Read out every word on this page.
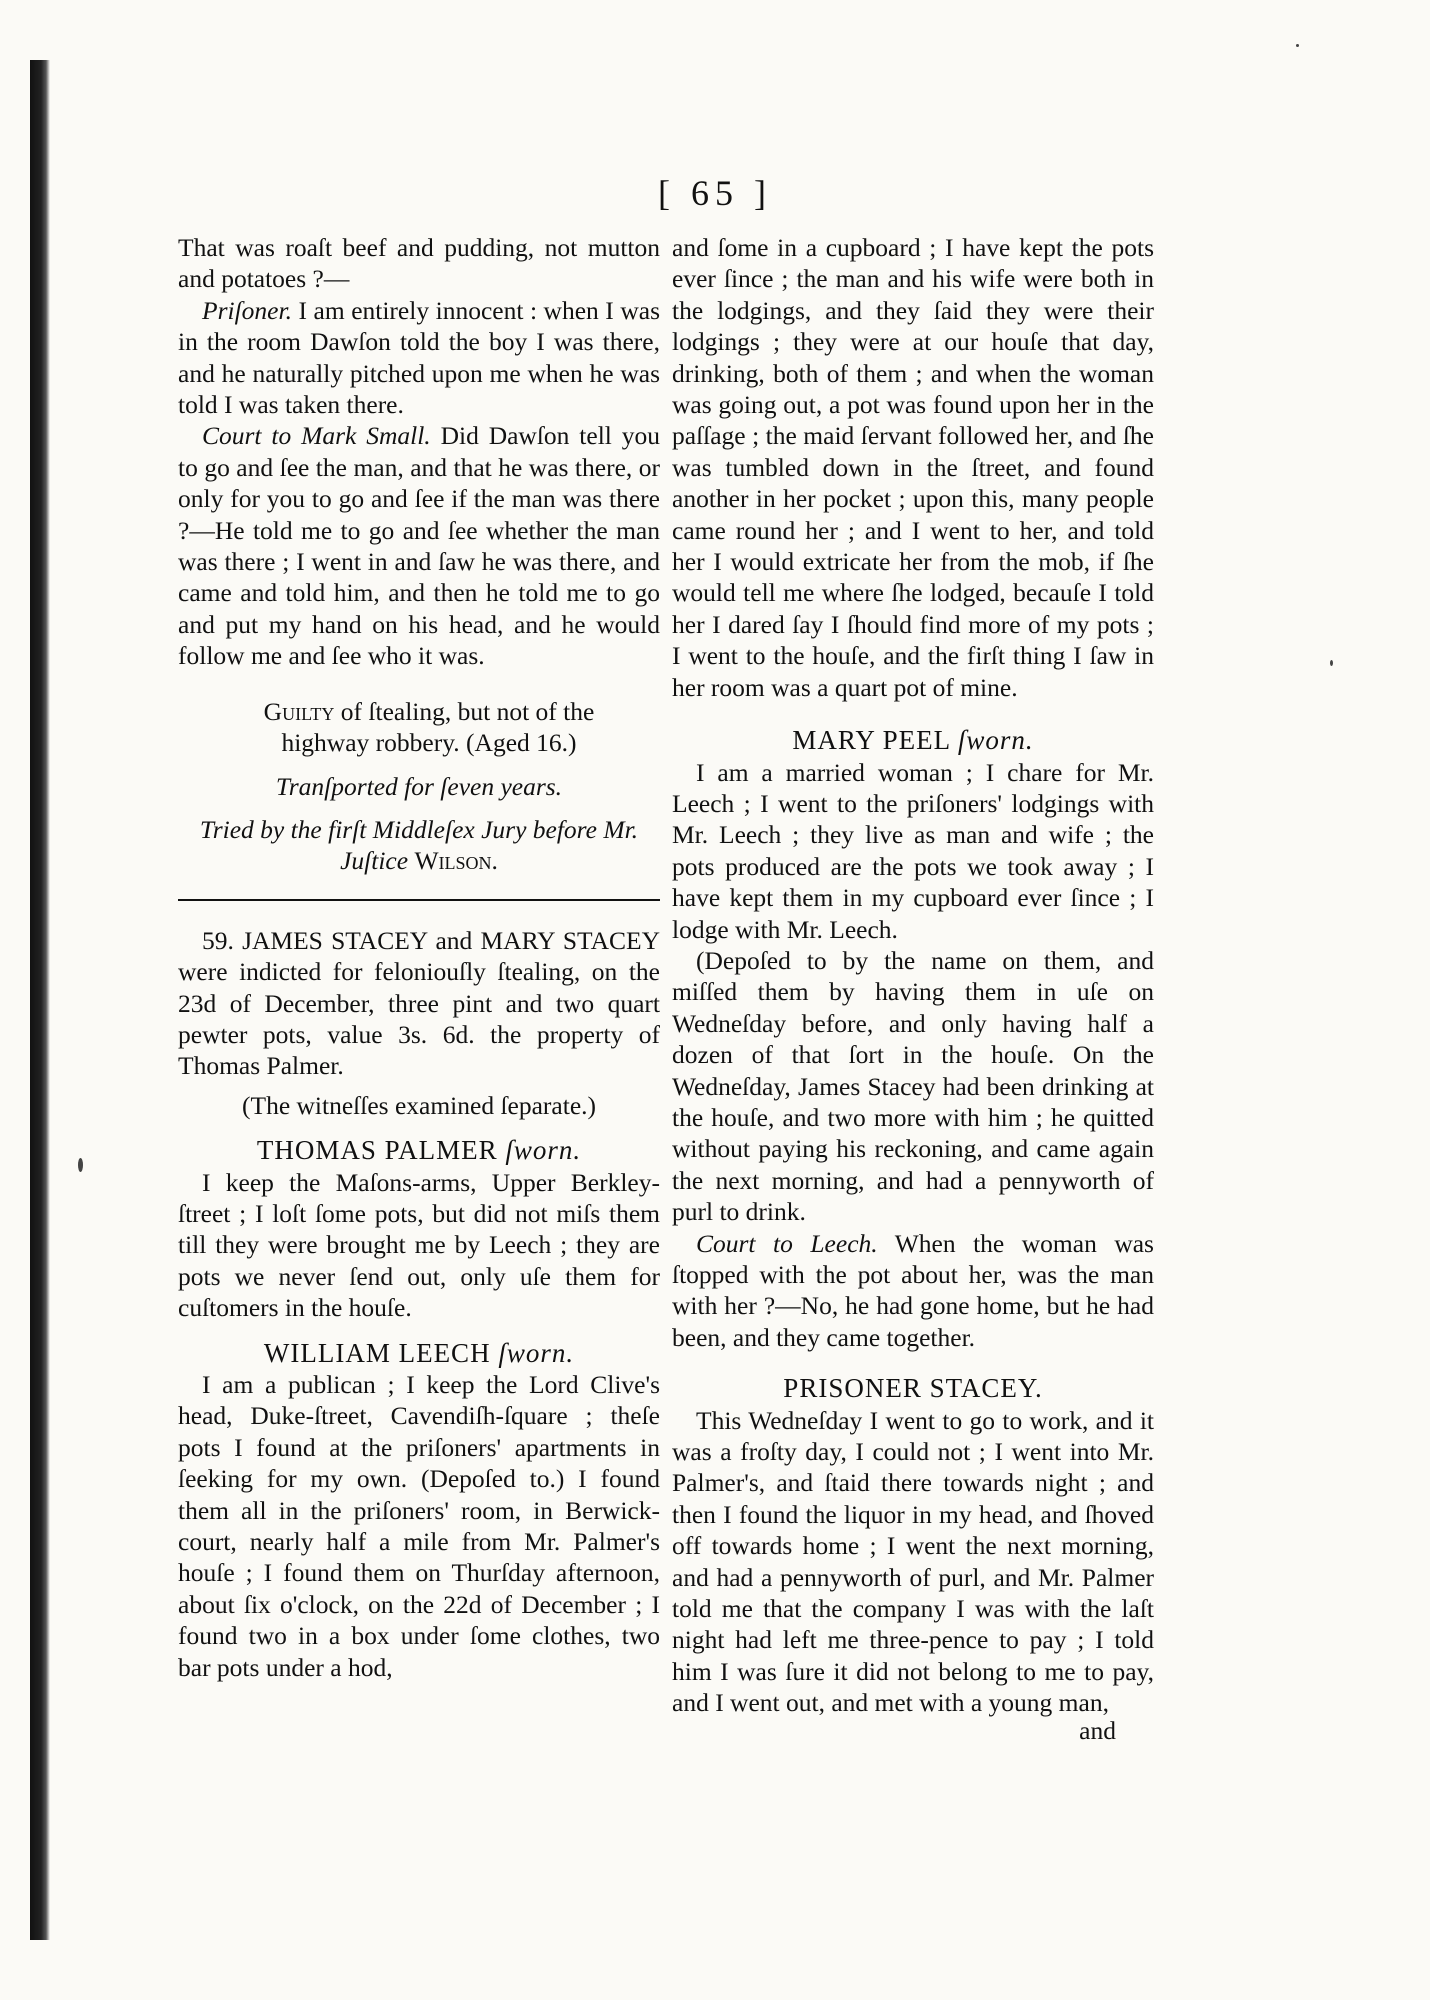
[ 65 ]

That was roaſt beef and pudding, not mutton and potatoes ?—

Priſoner. I am entirely innocent : when I was in the room Dawſon told the boy I was there, and he naturally pitched upon me when he was told I was taken there.

Court to Mark Small. Did Dawſon tell you to go and ſee the man, and that he was there, or only for you to go and ſee if the man was there ?—He told me to go and ſee whether the man was there ; I went in and ſaw he was there, and came and told him, and then he told me to go and put my hand on his head, and he would follow me and ſee who it was.

Guilty of ſtealing, but not of the highway robbery. (Aged 16.)

Tranſported for ſeven years.

Tried by the firſt Middleſex Jury before Mr. Juſtice Wilson.

59. JAMES STACEY and MARY STACEY were indicted for feloniouſly ſtealing, on the 23d of December, three pint and two quart pewter pots, value 3s. 6d. the property of Thomas Palmer.

(The witneſſes examined ſeparate.)

THOMAS PALMER ſworn.

I keep the Maſons-arms, Upper Berkley-ſtreet ; I loſt ſome pots, but did not miſs them till they were brought me by Leech ; they are pots we never ſend out, only uſe them for cuſtomers in the houſe.

WILLIAM LEECH ſworn.

I am a publican ; I keep the Lord Clive's head, Duke-ſtreet, Cavendiſh-ſquare ; theſe pots I found at the priſoners' apartments in ſeeking for my own. (Depoſed to.) I found them all in the priſoners' room, in Berwick-court, nearly half a mile from Mr. Palmer's houſe ; I found them on Thurſday afternoon, about ſix o'clock, on the 22d of December ; I found two in a box under ſome clothes, two bar pots under a hod,

and ſome in a cupboard ; I have kept the pots ever ſince ; the man and his wife were both in the lodgings, and they ſaid they were their lodgings ; they were at our houſe that day, drinking, both of them ; and when the woman was going out, a pot was found upon her in the paſſage ; the maid ſervant followed her, and ſhe was tumbled down in the ſtreet, and found another in her pocket ; upon this, many people came round her ; and I went to her, and told her I would extricate her from the mob, if ſhe would tell me where ſhe lodged, becauſe I told her I dared ſay I ſhould find more of my pots ; I went to the houſe, and the firſt thing I ſaw in her room was a quart pot of mine.

MARY PEEL ſworn.

I am a married woman ; I chare for Mr. Leech ; I went to the priſoners' lodgings with Mr. Leech ; they live as man and wife ; the pots produced are the pots we took away ; I have kept them in my cupboard ever ſince ; I lodge with Mr. Leech.

(Depoſed to by the name on them, and miſſed them by having them in uſe on Wedneſday before, and only having half a dozen of that ſort in the houſe. On the Wedneſday, James Stacey had been drinking at the houſe, and two more with him ; he quitted without paying his reckoning, and came again the next morning, and had a pennyworth of purl to drink.

Court to Leech. When the woman was ſtopped with the pot about her, was the man with her ?—No, he had gone home, but he had been, and they came together.

PRISONER STACEY.

This Wedneſday I went to go to work, and it was a froſty day, I could not ; I went into Mr. Palmer's, and ſtaid there towards night ; and then I found the liquor in my head, and ſhoved off towards home ; I went the next morning, and had a pennyworth of purl, and Mr. Palmer told me that the company I was with the laſt night had left me three-pence to pay ; I told him I was ſure it did not belong to me to pay, and I went out, and met with a young man,

and
